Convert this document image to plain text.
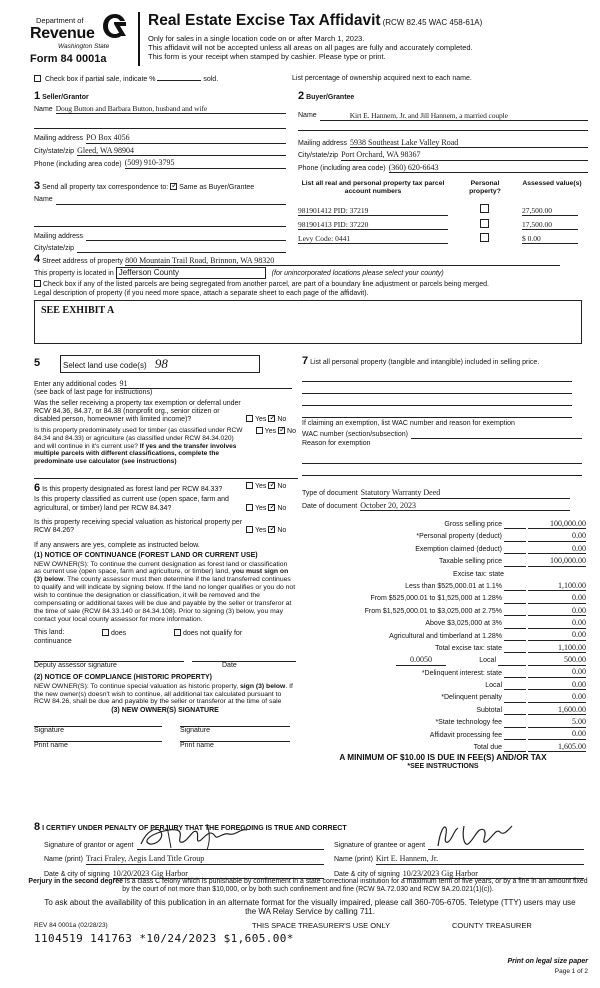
Department of
Revenue
Washington State
Form 84 0001a
Real Estate Excise Tax Affidavit (RCW 82.45 WAC 458-61A)
Only for sales in a single location code on or after March 1, 2023.
This affidavit will not be accepted unless all areas on all pages are fully and accurately completed.
This form is your receipt when stamped by cashier. Please type or print.
Check box if partial sale, indicate %	sold.	List percentage of ownership acquired next to each name.
1 Seller/Grantor
Name Doug Button and Barbara Button, husband and wife
Mailing address PO Box 4056
City/state/zip Gleed, WA 98904
Phone (including area code) (509) 910-3795
2 Buyer/Grantee
Name	Kirt E. Hannem, Jr. and Jill Hannem, a married couple
Mailing address 5938 Southeast Lake Valley Road
City/state/zip Port Orchard, WA 98367
Phone (including area code) (360) 620-6643
3 Send all property tax correspondence to: ✓ Same as Buyer/Grantee
Name
Mailing address
City/state/zip
List all real and personal property tax parcel account numbers
Personal property?
Assessed value(s)
981901412 PID: 37219	27,500.00
981901413 PID: 37220	17,500.00
Levy Code: 0441	$ 0.00
4 Street address of property 800 Mountain Trail Road, Brinnon, WA 98320
This property is located in Jefferson County	(for unincorporated locations please select your county)
Check box if any of the listed parcels are being segregated from another parcel, are part of a boundary line adjustment or parcels being merged.
Legal description of property (if you need more space, attach a separate sheet to each page of the affidavit).
SEE EXHIBIT A
5	Select land use code(s) 98
Enter any additional codes 91
(see back of last page for instructions)
Was the seller receiving a property tax exemption or deferral under RCW 84.36, 84.37, or 84.38 (nonprofit org., senior citizen or disabled person, homeowner with limited income)?	Yes ✓ No
Is this property predominately used for timber (as classified under RCW 84.34 and 84.33) or agriculture (as classified under RCW 84.34.020) and will continue in it's current use? If yes and the transfer involves multiple parcels with different classifications, complete the predominate use calculator (see instructions)
Yes ✓ No
6 Is this property designated as forest land per RCW 84.33?	Yes ✓ No
Is this property classified as current use (open space, farm and agricultural, or timber) land per RCW 84.34?	Yes ✓ No
Is this property receiving special valuation as historical property per RCW 84.26?	Yes ✓ No
If any answers are yes, complete as instructed below.
(1) NOTICE OF CONTINUANCE (FOREST LAND OR CURRENT USE)
NEW OWNER(S): To continue the current designation as forest land or classification as current use (open space, farm and agriculture, or timber) land, you must sign on (3) below. The county assessor must then determine if the land transferred continues to qualify and will indicate by signing below. If the land no longer qualifies or you do not wish to continue the designation or classification, it will be removed and the compensating or additional taxes will be due and payable by the seller or transferor at the time of sale (RCW 84.33.140 or 84.34.108). Prior to signing (3) below, you may contact your local county assessor for more information.
This land:	does	does not qualify for
continuance
Deputy assessor signature	Date
(2) NOTICE OF COMPLIANCE (HISTORIC PROPERTY)
NEW OWNER(S): To continue special valuation as historic property, sign (3) below. If the new owner(s) doesn't wish to continue, all additional tax calculated pursuant to RCW 84.26, shall be due and payable by the seller or transferor at the time of sale
(3) NEW OWNER(S) SIGNATURE
Signature	Signature
Print name	Print name
7 List all personal property (tangible and intangible) included in selling price.
If claiming an exemption, list WAC number and reason for exemption
WAC number (section/subsection)
Reason for exemption
Type of document Statutory Warranty Deed
Date of document October 20, 2023
Gross selling price	100,000.00
*Personal property (deduct)	0.00
Exemption claimed (deduct)	0.00
Taxable selling price	100,000.00
Excise tax: state
Less than $525,000.01 at 1.1%	1,100.00
From $525,000.01 to $1,525,000 at 1.28%	0.00
From $1,525,000.01 to $3,025,000 at 2.75%	0.00
Above $3,025,000 at 3%	0.00
Agricultural and timberland at 1.28%	0.00
Total excise tax: state	1,100.00
0.0050	Local	500.00
*Delinquent interest: state	0.00
Local	0.00
*Delinquent penalty	0.00
Subtotal	1,600.00
*State technology fee	5.00
Affidavit processing fee	0.00
Total due	1,605.00
A MINIMUM OF $10.00 IS DUE IN FEE(S) AND/OR TAX
*SEE INSTRUCTIONS
8 I CERTIFY UNDER PENALTY OF PERJURY THAT THE FOREGOING IS TRUE AND CORRECT
Signature of grantor or agent	Signature of grantee or agent
Name (print) Traci Fraley, Aegis Land Title Group	Name (print) Kirt E. Hannem, Jr.
Date & city of signing 10/20/2023 Gig Harbor	Date & city of signing 10/23/2023 Gig Harbor
Perjury in the second degree is a class C felony which is punishable by confinement in a state correctional institution for a maximum term of five years, or by a fine in an amount fixed by the court of not more than $10,000, or by both such confinement and fine (RCW 9A.72.030 and RCW 9A.20.021(1)(c)).
To ask about the availability of this publication in an alternate format for the visually impaired, please call 360-705-6705. Teletype (TTY) users may use the WA Relay Service by calling 711.
REV 84 0001a (02/28/23)	THIS SPACE TREASURER'S USE ONLY	COUNTY TREASURER
1104519 141763 *10/24/2023 $1,605.00*
Print on legal size paper
Page 1 of 2
